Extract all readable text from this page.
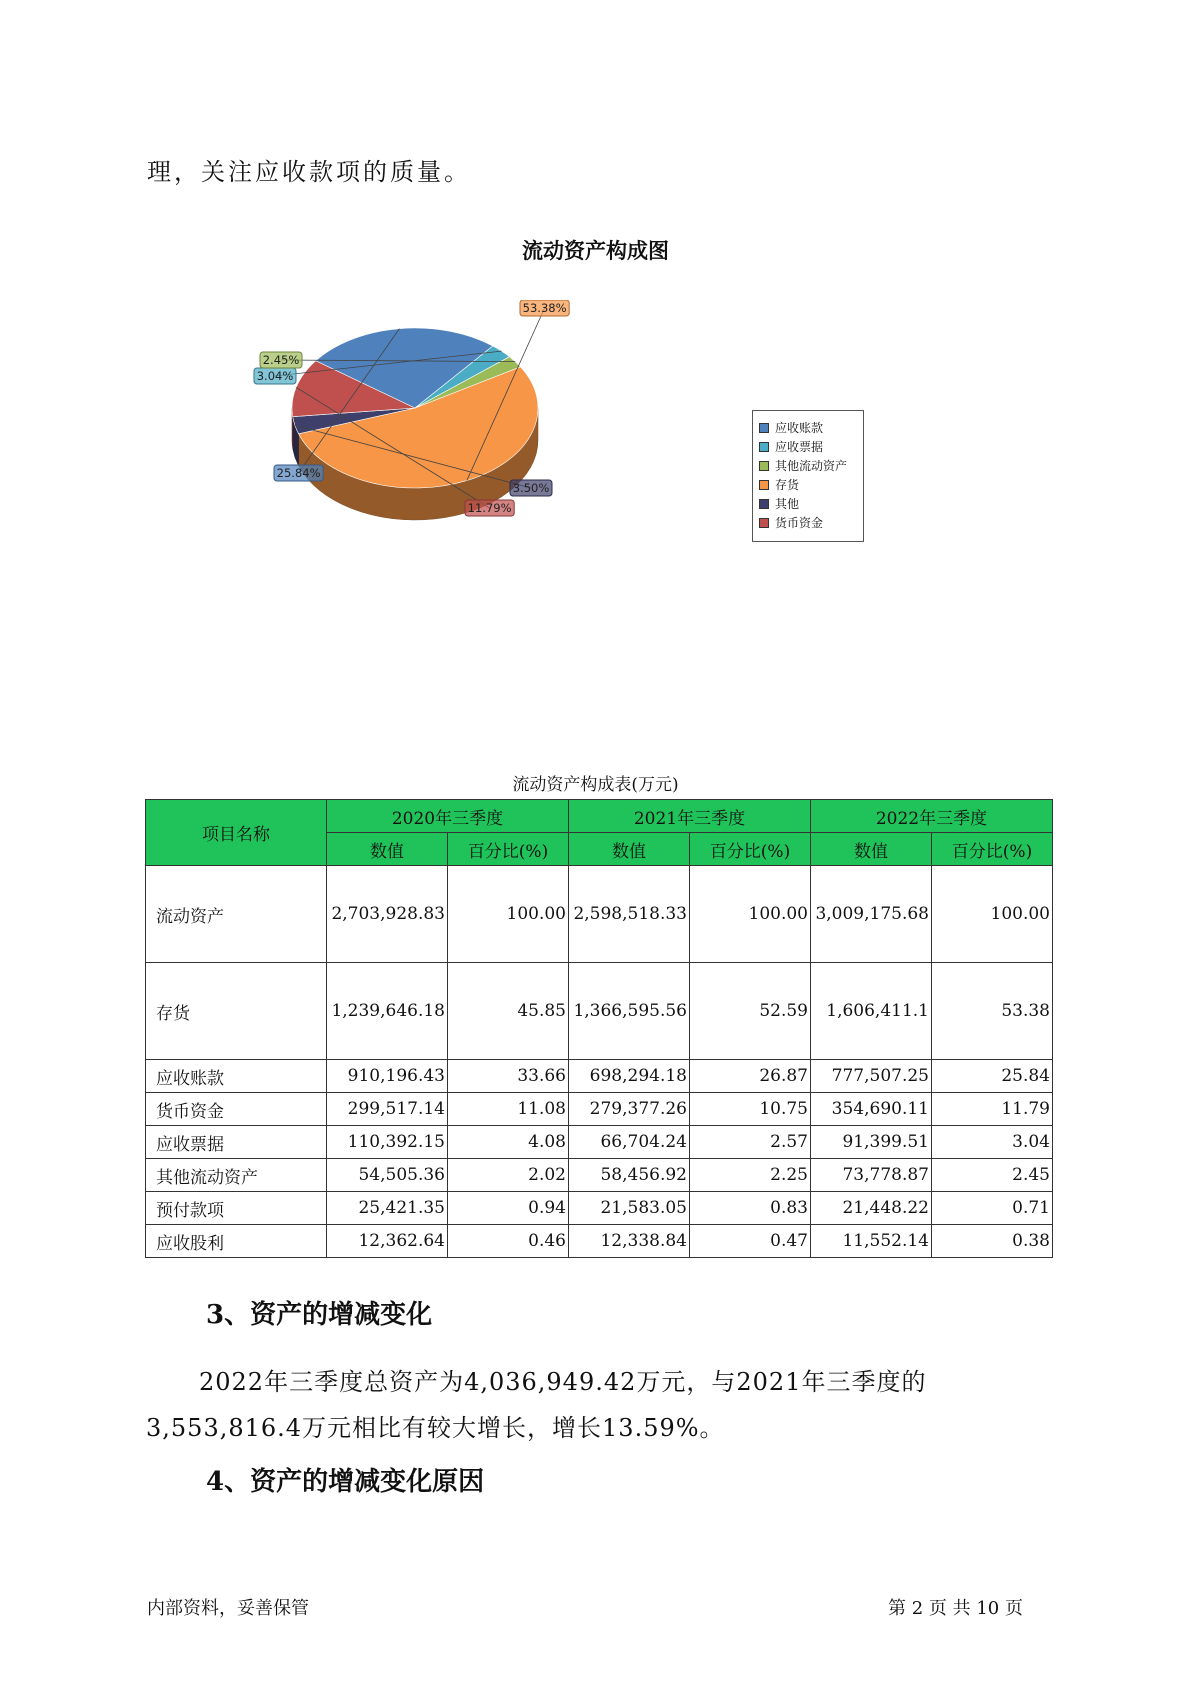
理，关注应收款项的质量。
流动资产构成图
53.38%
3.50%
11.79%
25.84%
3.04%
2.45%
应收账款
应收票据
其他流动资产
存货
其他
货币资金
流动资产构成表(万元)
项目名称	2020年三季度		2021年三季度		2022年三季度	
	数值	百分比(%)	数值	百分比(%)	数值	百分比(%)
流动资产	2,703,928.83	100.00	2,598,518.33	100.00	3,009,175.68	100.00
存货	1,239,646.18	45.85	1,366,595.56	52.59	1,606,411.1	53.38
应收账款	910,196.43	33.66	698,294.18	26.87	777,507.25	25.84
货币资金	299,517.14	11.08	279,377.26	10.75	354,690.11	11.79
应收票据	110,392.15	4.08	66,704.24	2.57	91,399.51	3.04
其他流动资产	54,505.36	2.02	58,456.92	2.25	73,778.87	2.45
预付款项	25,421.35	0.94	21,583.05	0.83	21,448.22	0.71
应收股利	12,362.64	0.46	12,338.84	0.47	11,552.14	0.38
3、资产的增减变化
2022年三季度总资产为4,036,949.42万元，与2021年三季度的
3,553,816.4万元相比有较大增长，增长13.59%。
4、资产的增减变化原因
内部资料，妥善保管	第 2 页 共 10 页
